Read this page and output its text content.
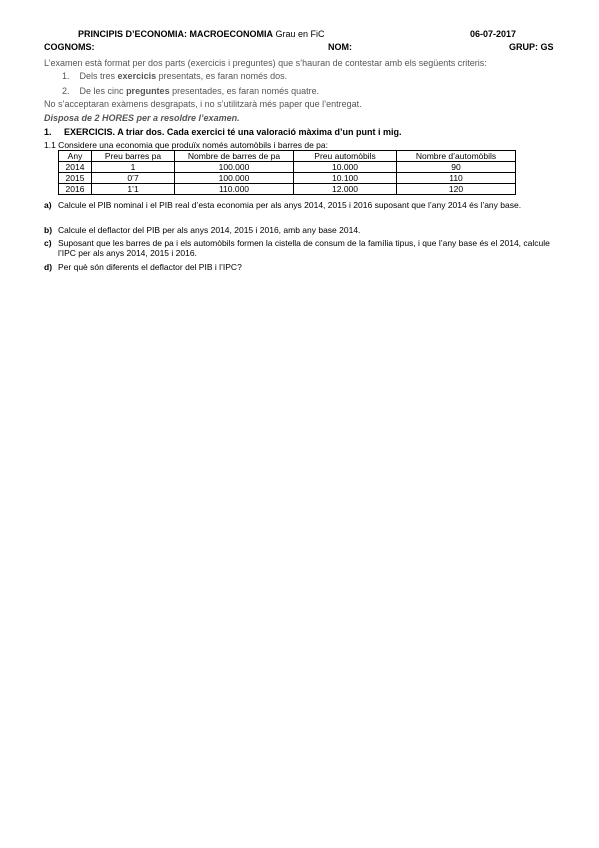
PRINCIPIS D’ECONOMIA: MACROECONOMIA Grau en FiC	06-07-2017
COGNOMS:	NOM:	GRUP: GS
L’examen està format per dos parts (exercicis i preguntes) que s’hauran de contestar amb els següents criteris:
1. Dels tres exercicis presentats, es faran només dos.
2. De les cinc preguntes presentades, es faran només quatre.
No s’acceptaran exàmens desgrapats, i no s’utilitzarà més paper que l’entregat.
Disposa de 2 HORES per a resoldre l’examen.
1. EXERCICIS. A triar dos. Cada exercici té una valoració màxima d’un punt i mig.
1.1 Considere una economia que produïx només automòbils i barres de pa:
Any	Preu barres pa	Nombre de barres de pa	Preu automòbils	Nombre d’automòbils
2014	1	100.000	10.000	90
2015	0’7	100.000	10.100	110
2016	1’1	110.000	12.000	120
a) Calcule el PIB nominal i el PIB real d’esta economia per als anys 2014, 2015 i 2016 suposant que l’any 2014 és l’any base.
b) Calcule el deflactor del PIB per als anys 2014, 2015 i 2016, amb any base 2014.
c) Suposant que les barres de pa i els automòbils formen la cistella de consum de la família tipus, i que l’any base és el 2014, calcule l’IPC per als anys 2014, 2015 i 2016.
d) Per què són diferents el deflactor del PIB i l’IPC?
